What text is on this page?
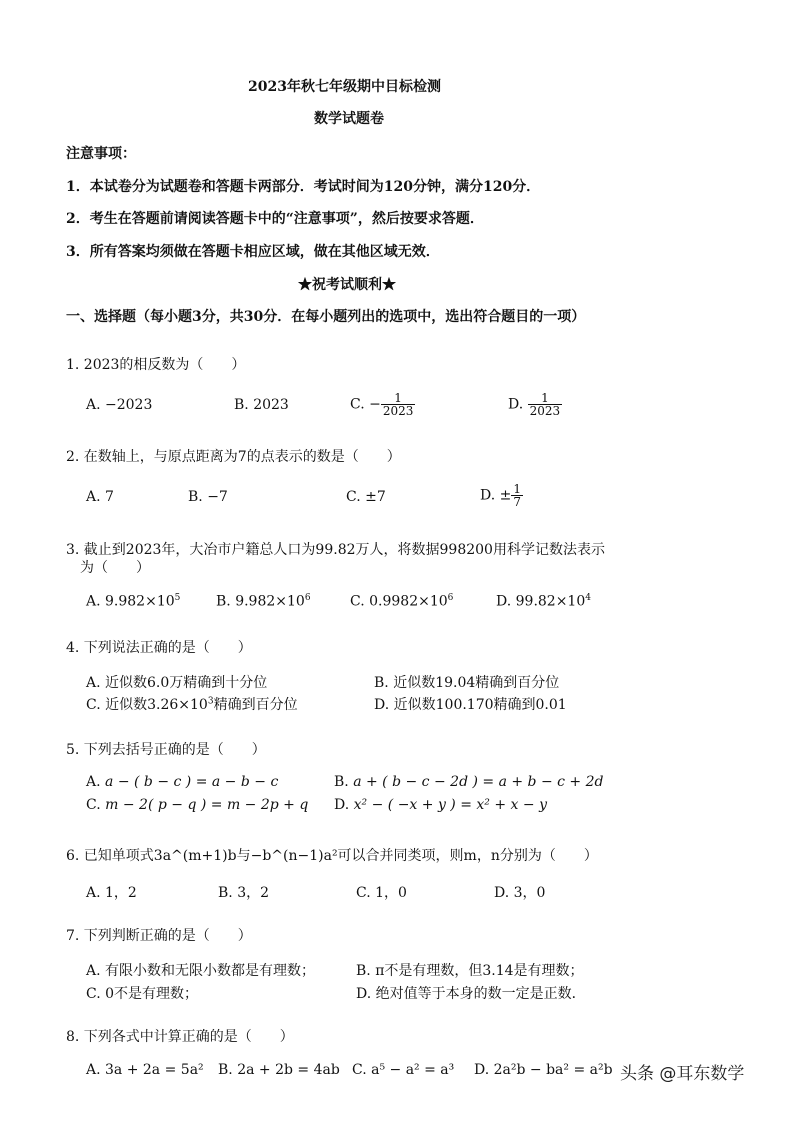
2023年秋七年级期中目标检测
数学试题卷
注意事项：
1．本试卷分为试题卷和答题卡两部分．考试时间为120分钟，满分120分．
2．考生在答题前请阅读答题卡中的“注意事项”，然后按要求答题．
3．所有答案均须做在答题卡相应区域，做在其他区域无效．
★祝考试顺利★
一、选择题（每小题3分，共30分．在每小题列出的选项中，选出符合题目的一项）
1. 2023的相反数为（　　）
A. −2023	B. 2023	C. − $\frac{1}{2023}$	D. $\frac{1}{2023}$
2. 在数轴上，与原点距离为7的点表示的数是（　　）
A. 7	B. −7	C. ±7	D. ± $\frac{1}{7}$
3. 截止到2023年，大冶市户籍总人口为99.82万人，将数据998200用科学记数法表示
为（　　）
A. $9.982\times 10^5$	B. $9.982\times 10^6$	C. $0.9982\times 10^6$	D. $99.82\times 10^4$
4. 下列说法正确的是（　　）
A. 近似数6.0万精确到十分位	B. 近似数19.04精确到百分位
C. 近似数$3.26\times 10^3$精确到百分位	D. 近似数100.170精确到0.01
5. 下列去括号正确的是（　　）
A. a − ( b − c ) = a − b − c	B. a + ( b − c − 2d ) = a + b − c + 2d
C. m − 2( p − q ) = m − 2p + q D. x² − ( −x + y ) = x² + x − y
6. 已知单项式3a^(m+1)b与−b^(n−1)a²可以合并同类项，则m，n分别为（　　）
A. 1，2	B. 3，2	C. 1，0	D. 3，0
7. 下列判断正确的是（　　）
A. 有限小数和无限小数都是有理数；	B. π不是有理数，但3.14是有理数；
C. 0不是有理数；	D. 绝对值等于本身的数一定是正数．
8. 下列各式中计算正确的是（　　）
A. 3a + 2a = 5a² B. 2a + 2b = 4ab C. a⁵ − a² = a³ D. 2a²b − ba² = a²b 头条 @耳东数学
